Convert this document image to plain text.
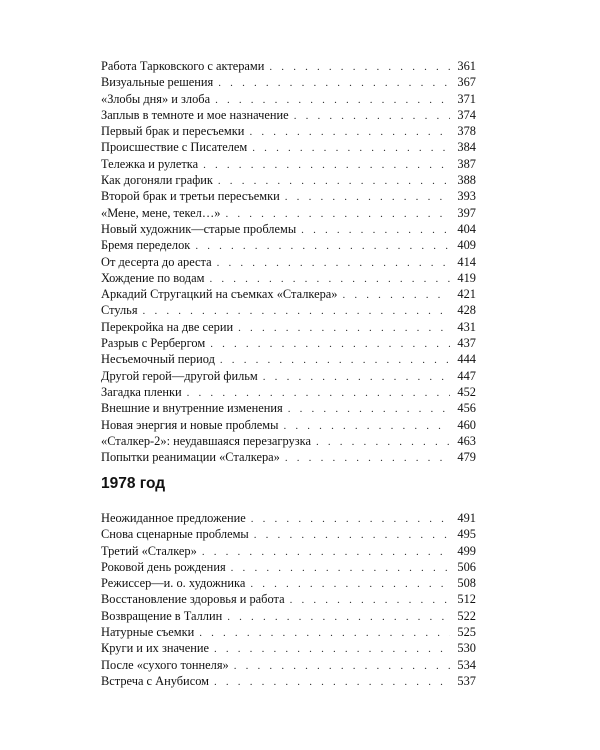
Работа Тарковского с актерами . . .	361
Визуальные решения . . .	367
«Злобы дня» и злоба . . .	371
Заплыв в темноте и мое назначение . . .	374
Первый брак и пересъемки . . .	378
Происшествие с Писателем . . .	384
Тележка и рулетка . . .	387
Как догоняли график . . .	388
Второй брак и третьи пересъемки . . .	393
«Мене, мене, текел…» . . .	397
Новый художник—старые проблемы . . .	404
Бремя переделок . . .	409
От десерта до ареста . . .	414
Хождение по водам . . .	419
Аркадий Стругацкий на съемках «Сталкера» . . .	421
Стулья . . .	428
Перекройка на две серии . . .	431
Разрыв с Рербергом . . .	437
Несъемочный период . . .	444
Другой герой—другой фильм . . .	447
Загадка пленки . . .	452
Внешние и внутренние изменения . . .	456
Новая энергия и новые проблемы . . .	460
«Сталкер-2»: неудавшаяся перезагрузка . . .	463
Попытки реанимации «Сталкера» . . .	479
1978 год
Неожиданное предложение . . .	491
Снова сценарные проблемы . . .	495
Третий «Сталкер» . . .	499
Роковой день рождения . . .	506
Режиссер—и. о. художника . . .	508
Восстановление здоровья и работа . . .	512
Возвращение в Таллин . . .	522
Натурные съемки . . .	525
Круги и их значение . . .	530
После «сухого тоннеля» . . .	534
Встреча с Анубисом . . .	537
